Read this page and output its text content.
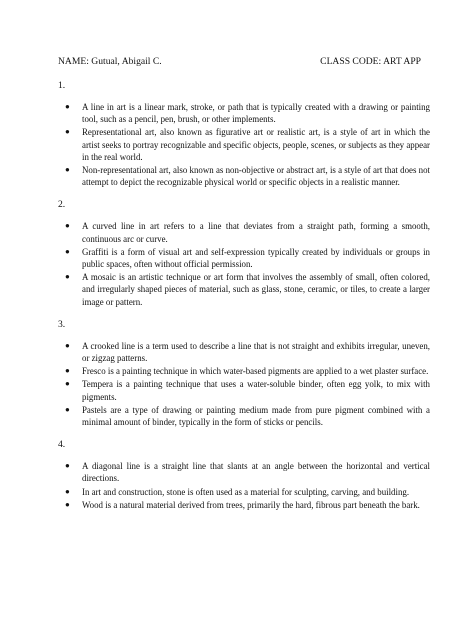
NAME: Gutual, Abigail C.	CLASS CODE: ART APP
1.
● A line in art is a linear mark, stroke, or path that is typically created with a drawing or painting tool, such as a pencil, pen, brush, or other implements.
● Representational art, also known as figurative art or realistic art, is a style of art in which the artist seeks to portray recognizable and specific objects, people, scenes, or subjects as they appear in the real world.
● Non-representational art, also known as non-objective or abstract art, is a style of art that does not attempt to depict the recognizable physical world or specific objects in a realistic manner.
2.
● A curved line in art refers to a line that deviates from a straight path, forming a smooth, continuous arc or curve.
● Graffiti is a form of visual art and self-expression typically created by individuals or groups in public spaces, often without official permission.
● A mosaic is an artistic technique or art form that involves the assembly of small, often colored, and irregularly shaped pieces of material, such as glass, stone, ceramic, or tiles, to create a larger image or pattern.
3.
● A crooked line is a term used to describe a line that is not straight and exhibits irregular, uneven, or zigzag patterns.
● Fresco is a painting technique in which water-based pigments are applied to a wet plaster surface.
● Tempera is a painting technique that uses a water-soluble binder, often egg yolk, to mix with pigments.
● Pastels are a type of drawing or painting medium made from pure pigment combined with a minimal amount of binder, typically in the form of sticks or pencils.
4.
● A diagonal line is a straight line that slants at an angle between the horizontal and vertical directions.
● In art and construction, stone is often used as a material for sculpting, carving, and building.
● Wood is a natural material derived from trees, primarily the hard, fibrous part beneath the bark.
